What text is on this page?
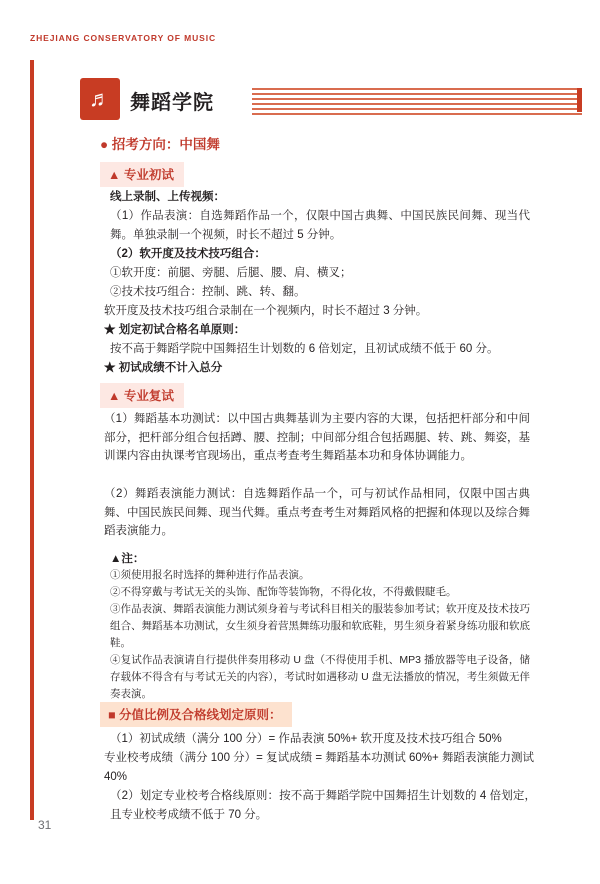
ZHEJIANG CONSERVATORY OF MUSIC
♬ 舞蹈学院
● 招考方向：中国舞
▲ 专业初试
线上录制、上传视频：
（1）作品表演：自选舞蹈作品一个，仅限中国古典舞、中国民族民间舞、现当代舞。单独录制一个视频，时长不超过 5 分钟。
（2）软开度及技术技巧组合：
①软开度：前腿、旁腿、后腿、腰、肩、横叉；
②技术技巧组合：控制、跳、转、翻。
软开度及技术技巧组合录制在一个视频内，时长不超过 3 分钟。
★ 划定初试合格名单原则：
按不高于舞蹈学院中国舞招生计划数的 6 倍划定，且初试成绩不低于 60 分。
★ 初试成绩不计入总分
▲ 专业复试
（1）舞蹈基本功测试：以中国古典舞基训为主要内容的大课，包括把杆部分和中间部分，把杆部分组合包括蹲、腰、控制；中间部分组合包括踢腿、转、跳、舞姿，基训课内容由执课考官现场出，重点考查考生舞蹈基本功和身体协调能力。
（2）舞蹈表演能力测试：自选舞蹈作品一个，可与初试作品相同，仅限中国古典舞、中国民族民间舞、现当代舞。重点考查考生对舞蹈风格的把握和体现以及综合舞蹈表演能力。
▲注：
①须使用报名时选择的舞种进行作品表演。
②不得穿戴与考试无关的头饰、配饰等装饰物，不得化妆，不得戴假睫毛。
③作品表演、舞蹈表演能力测试须身着与考试科目相关的服装参加考试；软开度及技术技巧组合、舞蹈基本功测试，女生须身着营黑舞练功服和软底鞋，男生须身着紧身练功服和软底鞋。
④复试作品表演请自行提供伴奏用移动 U 盘（不得使用手机、MP3 播放器等电子设备，储存载体不得含有与考试无关的内容），考试时如遇移动 U 盘无法播放的情况，考生须做无伴奏表演。
■ 分值比例及合格线划定原则：
（1）初试成绩（满分 100 分）= 作品表演 50%+ 软开度及技术技巧组合 50%
专业校考成绩（满分 100 分）= 复试成绩 = 舞蹈基本功测试 60%+ 舞蹈表演能力测试 40%
（2）划定专业校考合格线原则：按不高于舞蹈学院中国舞招生计划数的 4 倍划定，且专业校考成绩不低于 70 分。
31
